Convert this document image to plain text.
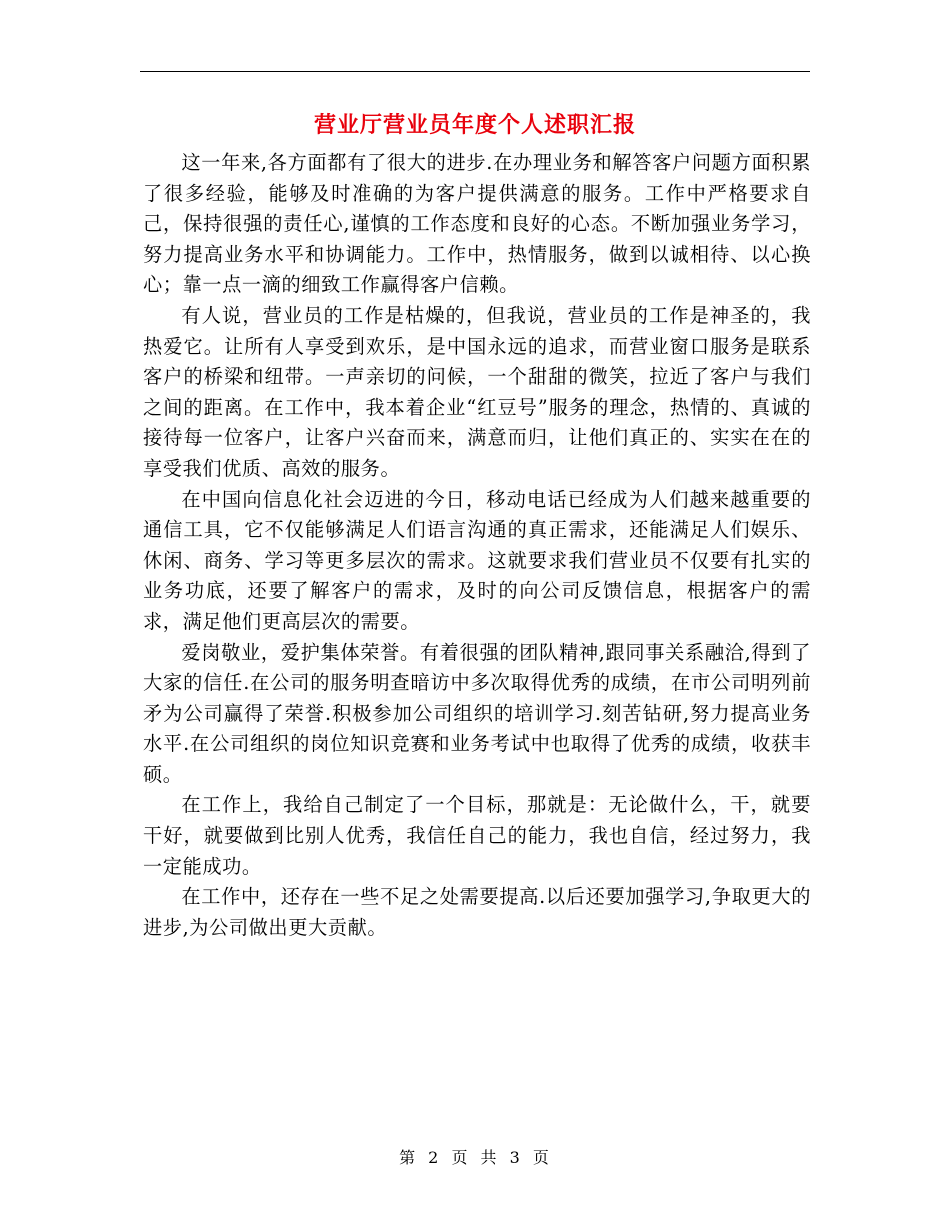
营业厅营业员年度个人述职汇报

这一年来,各方面都有了很大的进步.在办理业务和解答客户问题方面积累了很多经验，能够及时准确的为客户提供满意的服务。工作中严格要求自己，保持很强的责任心,谨慎的工作态度和良好的心态。不断加强业务学习，努力提高业务水平和协调能力。工作中，热情服务，做到以诚相待、以心换心；靠一点一滴的细致工作赢得客户信赖。

有人说，营业员的工作是枯燥的，但我说，营业员的工作是神圣的，我热爱它。让所有人享受到欢乐，是中国永远的追求，而营业窗口服务是联系客户的桥梁和纽带。一声亲切的问候，一个甜甜的微笑，拉近了客户与我们之间的距离。在工作中，我本着企业“红豆号”服务的理念，热情的、真诚的接待每一位客户，让客户兴奋而来，满意而归，让他们真正的、实实在在的享受我们优质、高效的服务。

在中国向信息化社会迈进的今日，移动电话已经成为人们越来越重要的通信工具，它不仅能够满足人们语言沟通的真正需求，还能满足人们娱乐、休闲、商务、学习等更多层次的需求。这就要求我们营业员不仅要有扎实的业务功底，还要了解客户的需求，及时的向公司反馈信息，根据客户的需求，满足他们更高层次的需要。

爱岗敬业，爱护集体荣誉。有着很强的团队精神,跟同事关系融洽,得到了大家的信任.在公司的服务明查暗访中多次取得优秀的成绩，在市公司明列前矛为公司赢得了荣誉.积极参加公司组织的培训学习.刻苦钻研,努力提高业务水平.在公司组织的岗位知识竞赛和业务考试中也取得了优秀的成绩，收获丰硕。

在工作上，我给自己制定了一个目标，那就是：无论做什么，干，就要干好，就要做到比别人优秀，我信任自己的能力，我也自信，经过努力，我一定能成功。

在工作中，还存在一些不足之处需要提高.以后还要加强学习,争取更大的进步,为公司做出更大贡献。

第 2 页 共 3 页
